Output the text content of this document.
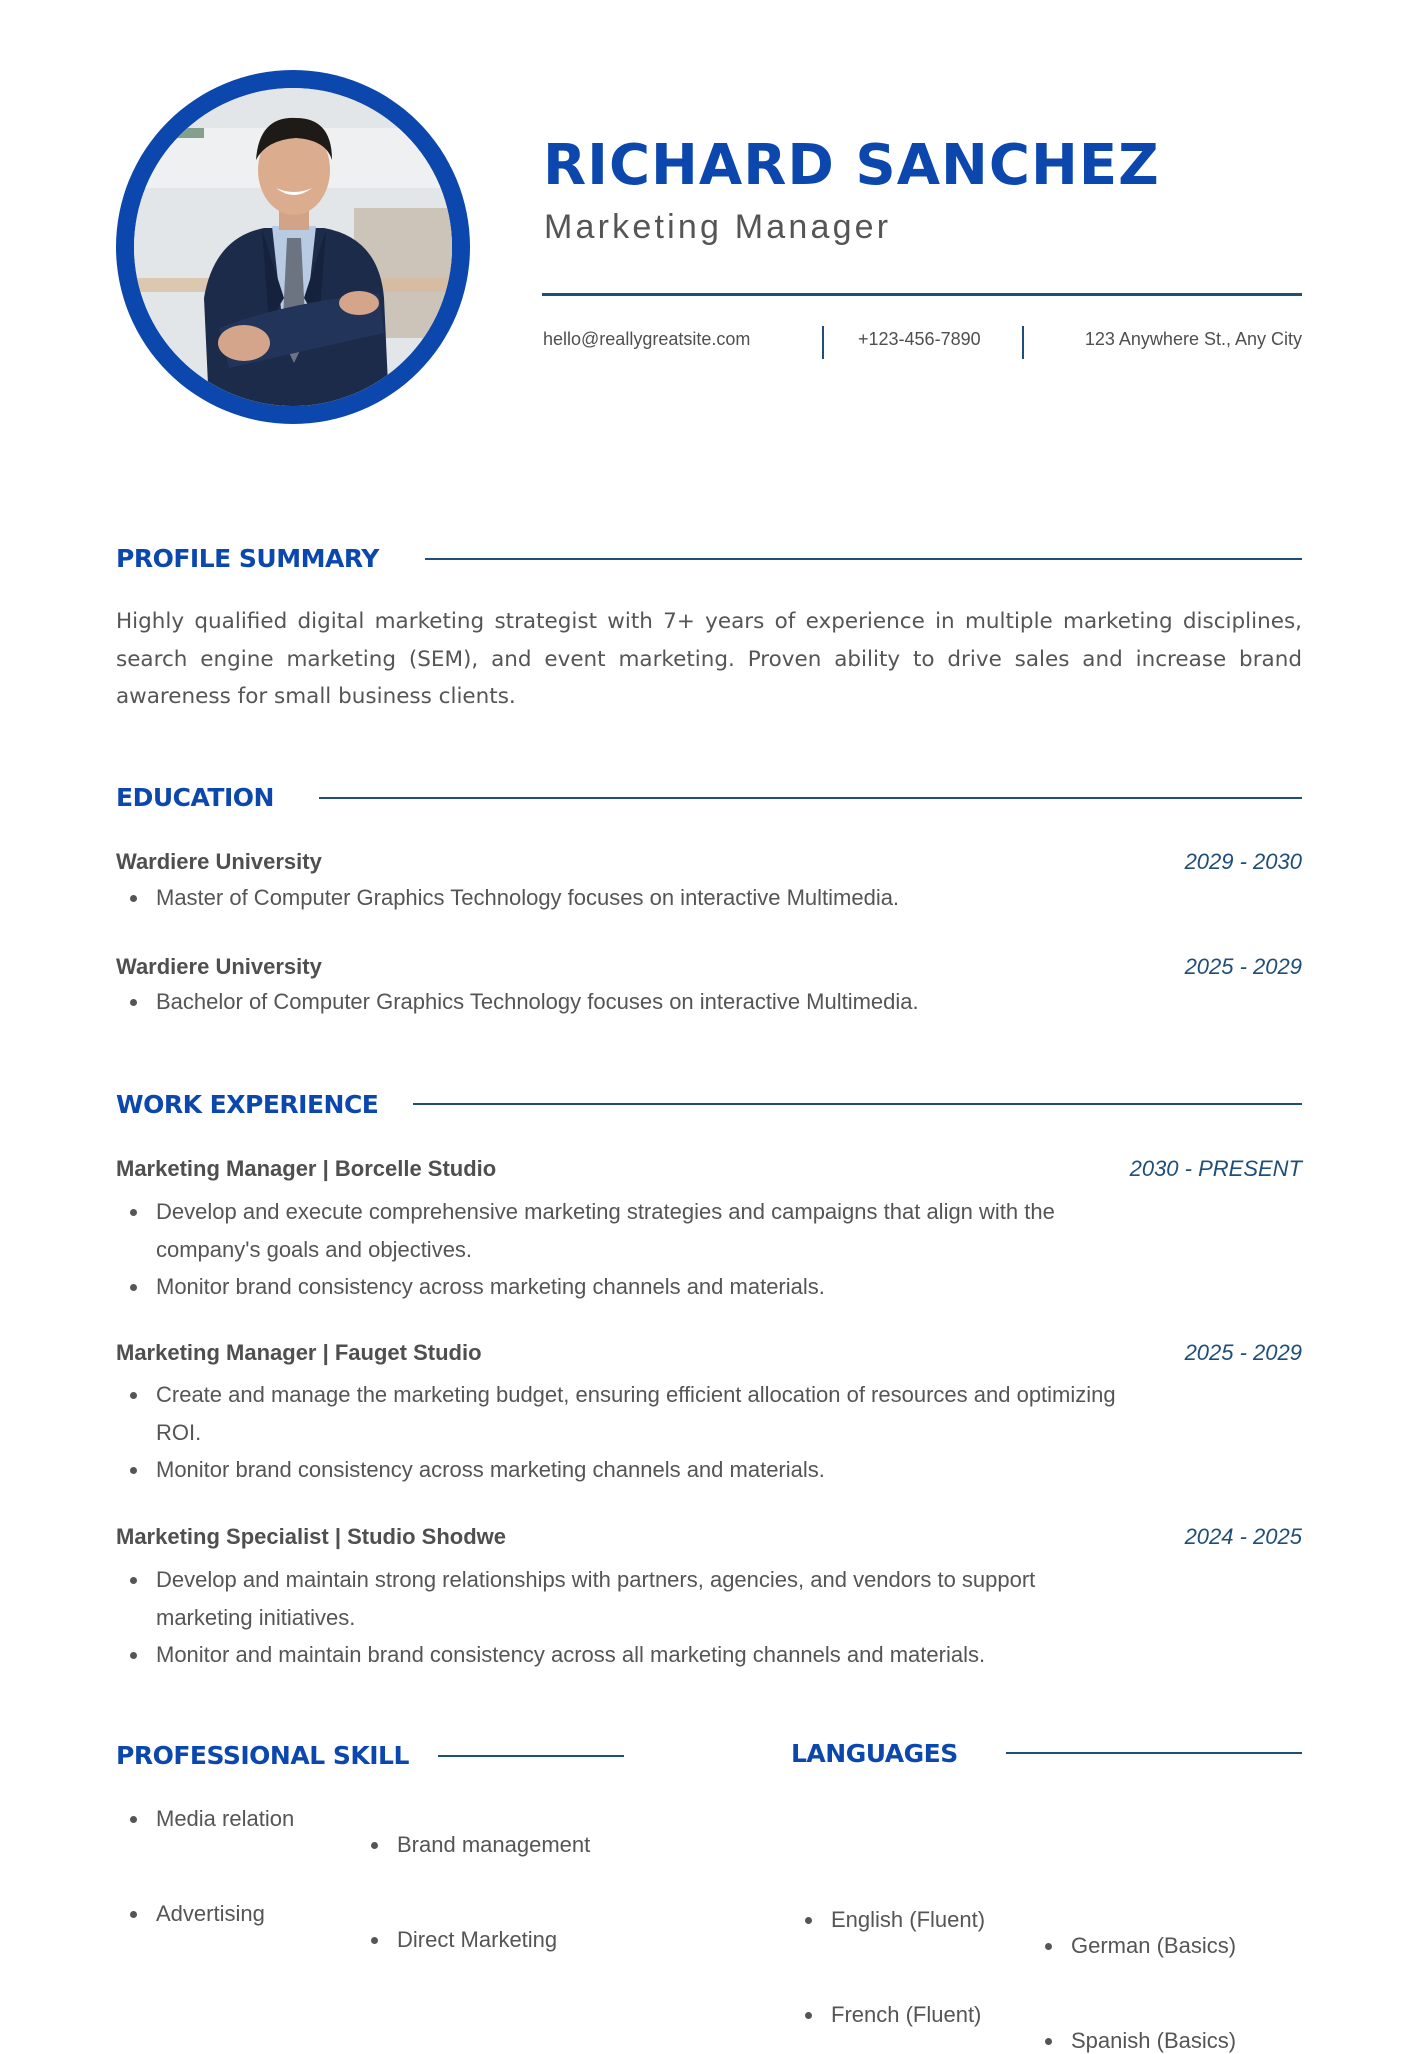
RICHARD SANCHEZ
Marketing Manager
hello@reallygreatsite.com	+123-456-7890	123 Anywhere St., Any City
PROFILE SUMMARY
Highly qualified digital marketing strategist with 7+ years of experience in multiple marketing disciplines, search engine marketing (SEM), and event marketing. Proven ability to drive sales and increase brand awareness for small business clients.
EDUCATION
Wardiere University	2029 - 2030
Master of Computer Graphics Technology focuses on interactive Multimedia.
Wardiere University	2025 - 2029
Bachelor of Computer Graphics Technology focuses on interactive Multimedia.
WORK EXPERIENCE
Marketing Manager | Borcelle Studio	2030 - PRESENT
Develop and execute comprehensive marketing strategies and campaigns that align with the company's goals and objectives.
Monitor brand consistency across marketing channels and materials.
Marketing Manager | Fauget Studio	2025 - 2029
Create and manage the marketing budget, ensuring efficient allocation of resources and optimizing ROI.
Monitor brand consistency across marketing channels and materials.
Marketing Specialist | Studio Shodwe	2024 - 2025
Develop and maintain strong relationships with partners, agencies, and vendors to support marketing initiatives.
Monitor and maintain brand consistency across all marketing channels and materials.
PROFESSIONAL SKILL
Media relation
Brand management
Advertising
Direct Marketing
LANGUAGES
English (Fluent)
German (Basics)
French (Fluent)
Spanish (Basics)
